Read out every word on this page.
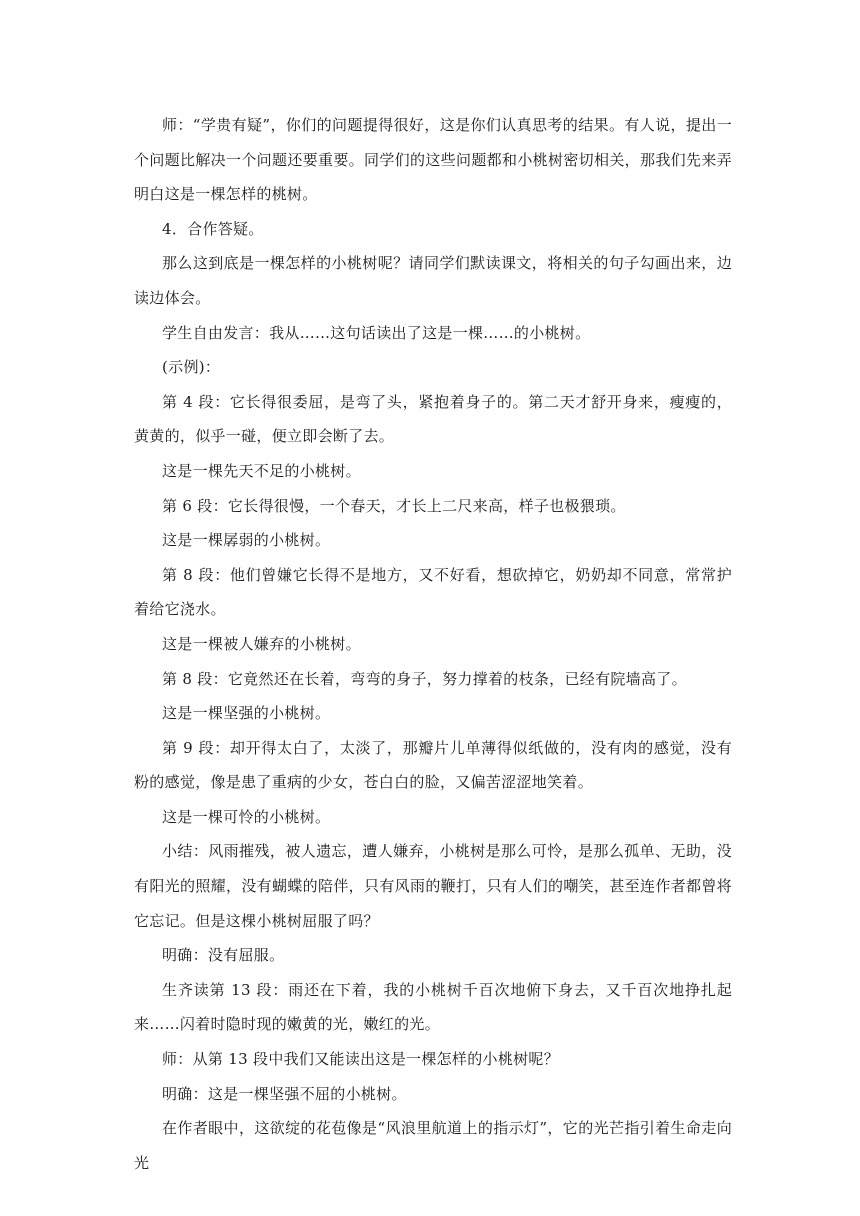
师：“学贵有疑”，你们的问题提得很好，这是你们认真思考的结果。有人说，提出一个问题比解决一个问题还要重要。同学们的这些问题都和小桃树密切相关，那我们先来弄明白这是一棵怎样的桃树。

4．合作答疑。

那么这到底是一棵怎样的小桃树呢？请同学们默读课文，将相关的句子勾画出来，边读边体会。

学生自由发言：我从……这句话读出了这是一棵……的小桃树。

(示例)：

第 4 段：它长得很委屈，是弯了头，紧抱着身子的。第二天才舒开身来，瘦瘦的，黄黄的，似乎一碰，便立即会断了去。

这是一棵先天不足的小桃树。

第 6 段：它长得很慢，一个春天，才长上二尺来高，样子也极猥琐。

这是一棵孱弱的小桃树。

第 8 段：他们曾嫌它长得不是地方，又不好看，想砍掉它，奶奶却不同意，常常护着给它浇水。

这是一棵被人嫌弃的小桃树。

第 8 段：它竟然还在长着，弯弯的身子，努力撑着的枝条，已经有院墙高了。

这是一棵坚强的小桃树。

第 9 段：却开得太白了，太淡了，那瓣片儿单薄得似纸做的，没有肉的感觉，没有粉的感觉，像是患了重病的少女，苍白白的脸，又偏苦涩涩地笑着。

这是一棵可怜的小桃树。

小结：风雨摧残，被人遗忘，遭人嫌弃，小桃树是那么可怜，是那么孤单、无助，没有阳光的照耀，没有蝴蝶的陪伴，只有风雨的鞭打，只有人们的嘲笑，甚至连作者都曾将它忘记。但是这棵小桃树屈服了吗？

明确：没有屈服。

生齐读第 13 段：雨还在下着，我的小桃树千百次地俯下身去，又千百次地挣扎起来……闪着时隐时现的嫩黄的光，嫩红的光。

师：从第 13 段中我们又能读出这是一棵怎样的小桃树呢？

明确：这是一棵坚强不屈的小桃树。

在作者眼中，这欲绽的花苞像是“风浪里航道上的指示灯”，它的光芒指引着生命走向光
